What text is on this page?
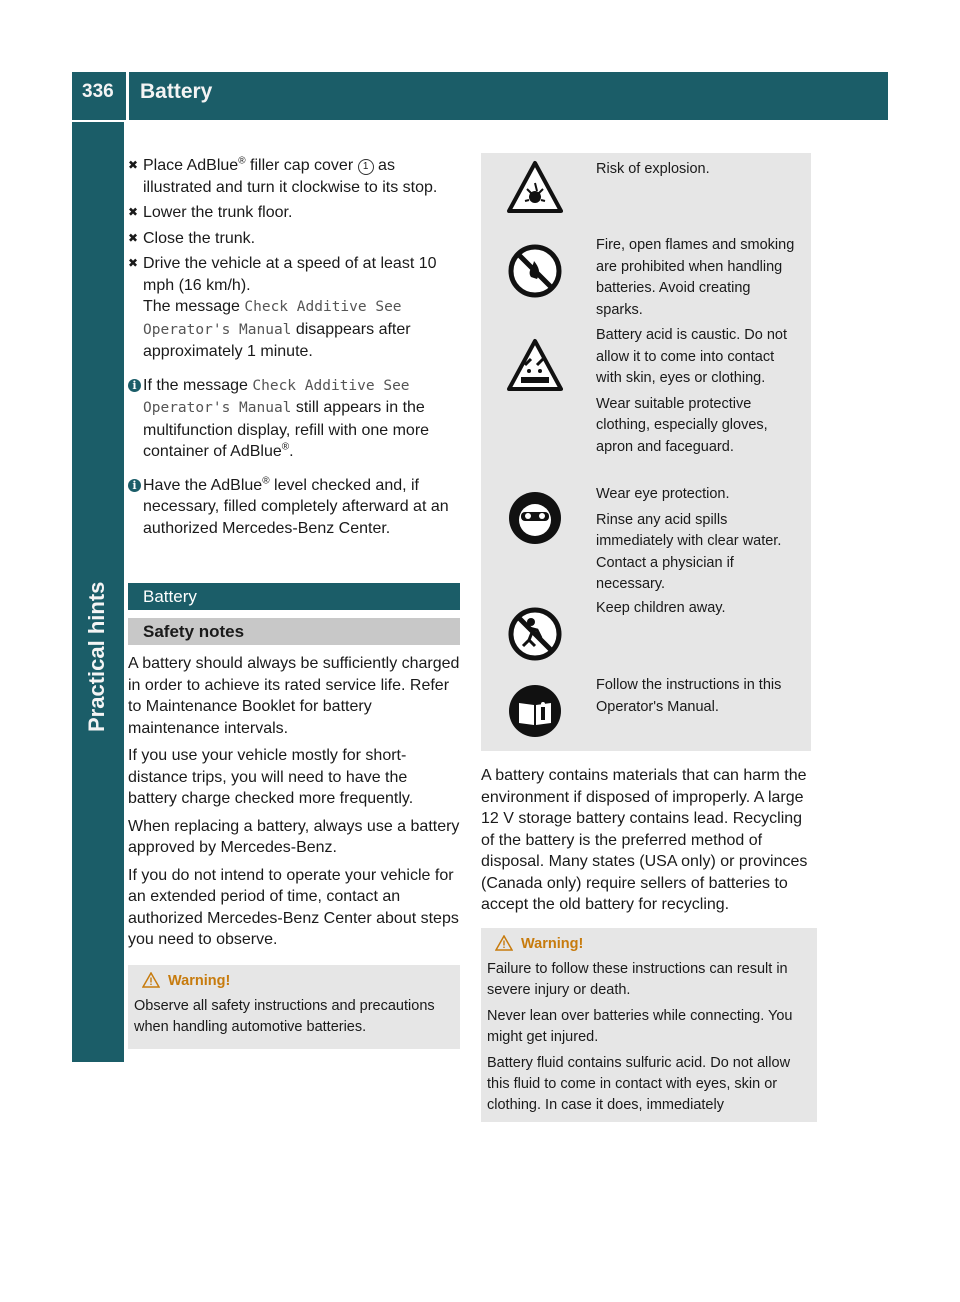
336 Battery
Practical hints
✖ Place AdBlue® filler cap cover 1 as illustrated and turn it clockwise to its stop.
✖ Lower the trunk floor.
✖ Close the trunk.
✖ Drive the vehicle at a speed of at least 10 mph (16 km/h).
The message Check Additive See Operator's Manual disappears after approximately 1 minute.
i If the message Check Additive See Operator's Manual still appears in the multifunction display, refill with one more container of AdBlue®.
i Have the AdBlue® level checked and, if necessary, filled completely afterward at an authorized Mercedes-Benz Center.
Battery
Safety notes

A battery should always be sufficiently charged in order to achieve its rated service life. Refer to Maintenance Booklet for battery maintenance intervals.

If you use your vehicle mostly for short-distance trips, you will need to have the battery charge checked more frequently.

When replacing a battery, always use a battery approved by Mercedes-Benz.

If you do not intend to operate your vehicle for an extended period of time, contact an authorized Mercedes-Benz Center about steps you need to observe.

Warning!

Observe all safety instructions and precautions when handling automotive batteries.

Risk of explosion.

Fire, open flames and smoking are prohibited when handling batteries. Avoid creating sparks.

Battery acid is caustic. Do not allow it to come into contact with skin, eyes or clothing.

Wear suitable protective clothing, especially gloves, apron and faceguard.

Wear eye protection.

Rinse any acid spills immediately with clear water. Contact a physician if necessary.

Keep children away.

Follow the instructions in this Operator's Manual.

A battery contains materials that can harm the environment if disposed of improperly. A large 12 V storage battery contains lead. Recycling of the battery is the preferred method of disposal. Many states (USA only) or provinces (Canada only) require sellers of batteries to accept the old battery for recycling.

Warning!

Failure to follow these instructions can result in severe injury or death.

Never lean over batteries while connecting. You might get injured.

Battery fluid contains sulfuric acid. Do not allow this fluid to come in contact with eyes, skin or clothing. In case it does, immediately
